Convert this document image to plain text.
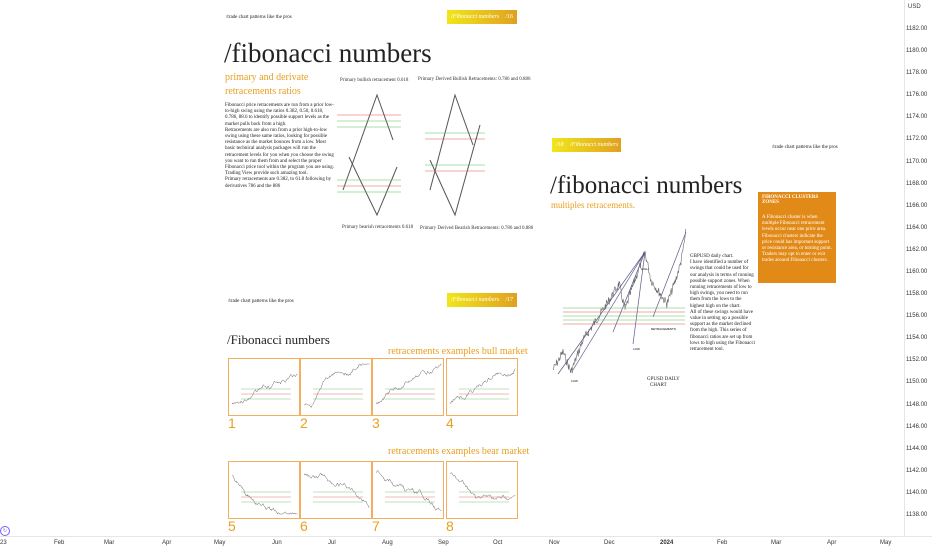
USD
1182.00
1180.00
1178.00
1176.00
1174.00
1172.00
1170.00
1168.00
1166.00
1164.00
1162.00
1160.00
1158.00
1156.00
1154.00
1152.00
1150.00
1148.00
1146.00
1144.00
1142.00
1140.00
1138.00
23	Feb	Mar	Apr	May	Jun	Jul	Aug	Sep	Oct	Nov	Dec	2024	Feb	Mar	Apr	May
↻
/trade chart patterns like the pros	/Fibonacci numbers /16
/fibonacci numbers
primary and derivate
retracements ratios
Fibonacci price retracements are run from a prior low-to-high swing using the ratios 0.382, 0.50, 0.618, 0.786, 88.6 to identify possible support levels as the market pulls back from a high.
Retracements are also run from a prior high-to-low swing using these same ratios, looking for possible resistance as the market bounces from a low. Most basic technical analysis packages will run the retracement levels for you when you choose the swing you want to run them from and select the proper Fibonacci price tool within the program you are using. Trading View provide such amazing tool.
Primary retracements are 0.382, to 61.8 following by derivatives 786 and the 886
Primary bullish retracement 0.618 Primary Derived Bullish Retracements: 0.786 and 0.886
Primary bearish retracements 0.618 Primary Derived Bearish Retracements: 0.786 and 0.886
/18 /Fibonacci numbers	/trade chart patterns like the pros
/fibonacci numbers
multiples retracements.
HIGH
LOW
LOW
RETRACEMENTS
GPUSD DAILY
CHART
GBPUSD daily chart.
I have identified a number of swings that could be used for our analysis in terms of running possible support zones. When running retracements of low to high swings, you need to run them from the lows to the highest high on the chart.
All of these swings would have value in setting up a possible support as the market declined from the high. This series of fibonacci ratios are set up from lows to high using the Fibonacci retracement tool.
FIBONACCI CLUSTERS ZONES
A Fibonacci cluster is when multiple Fibonacci retracement levels occur near one price area. Fibonacci clusters indicate the price could has important support or resistance area, or turning point. Traders may opt to enter or exit trades around Fibonacci clusters.
/trade chart patterns like the pros	/Fibonacci numbers /17
/Fibonacci numbers
retracements examples bull market
retracements examples bear market
1	2	3	4
5	6	7	8
